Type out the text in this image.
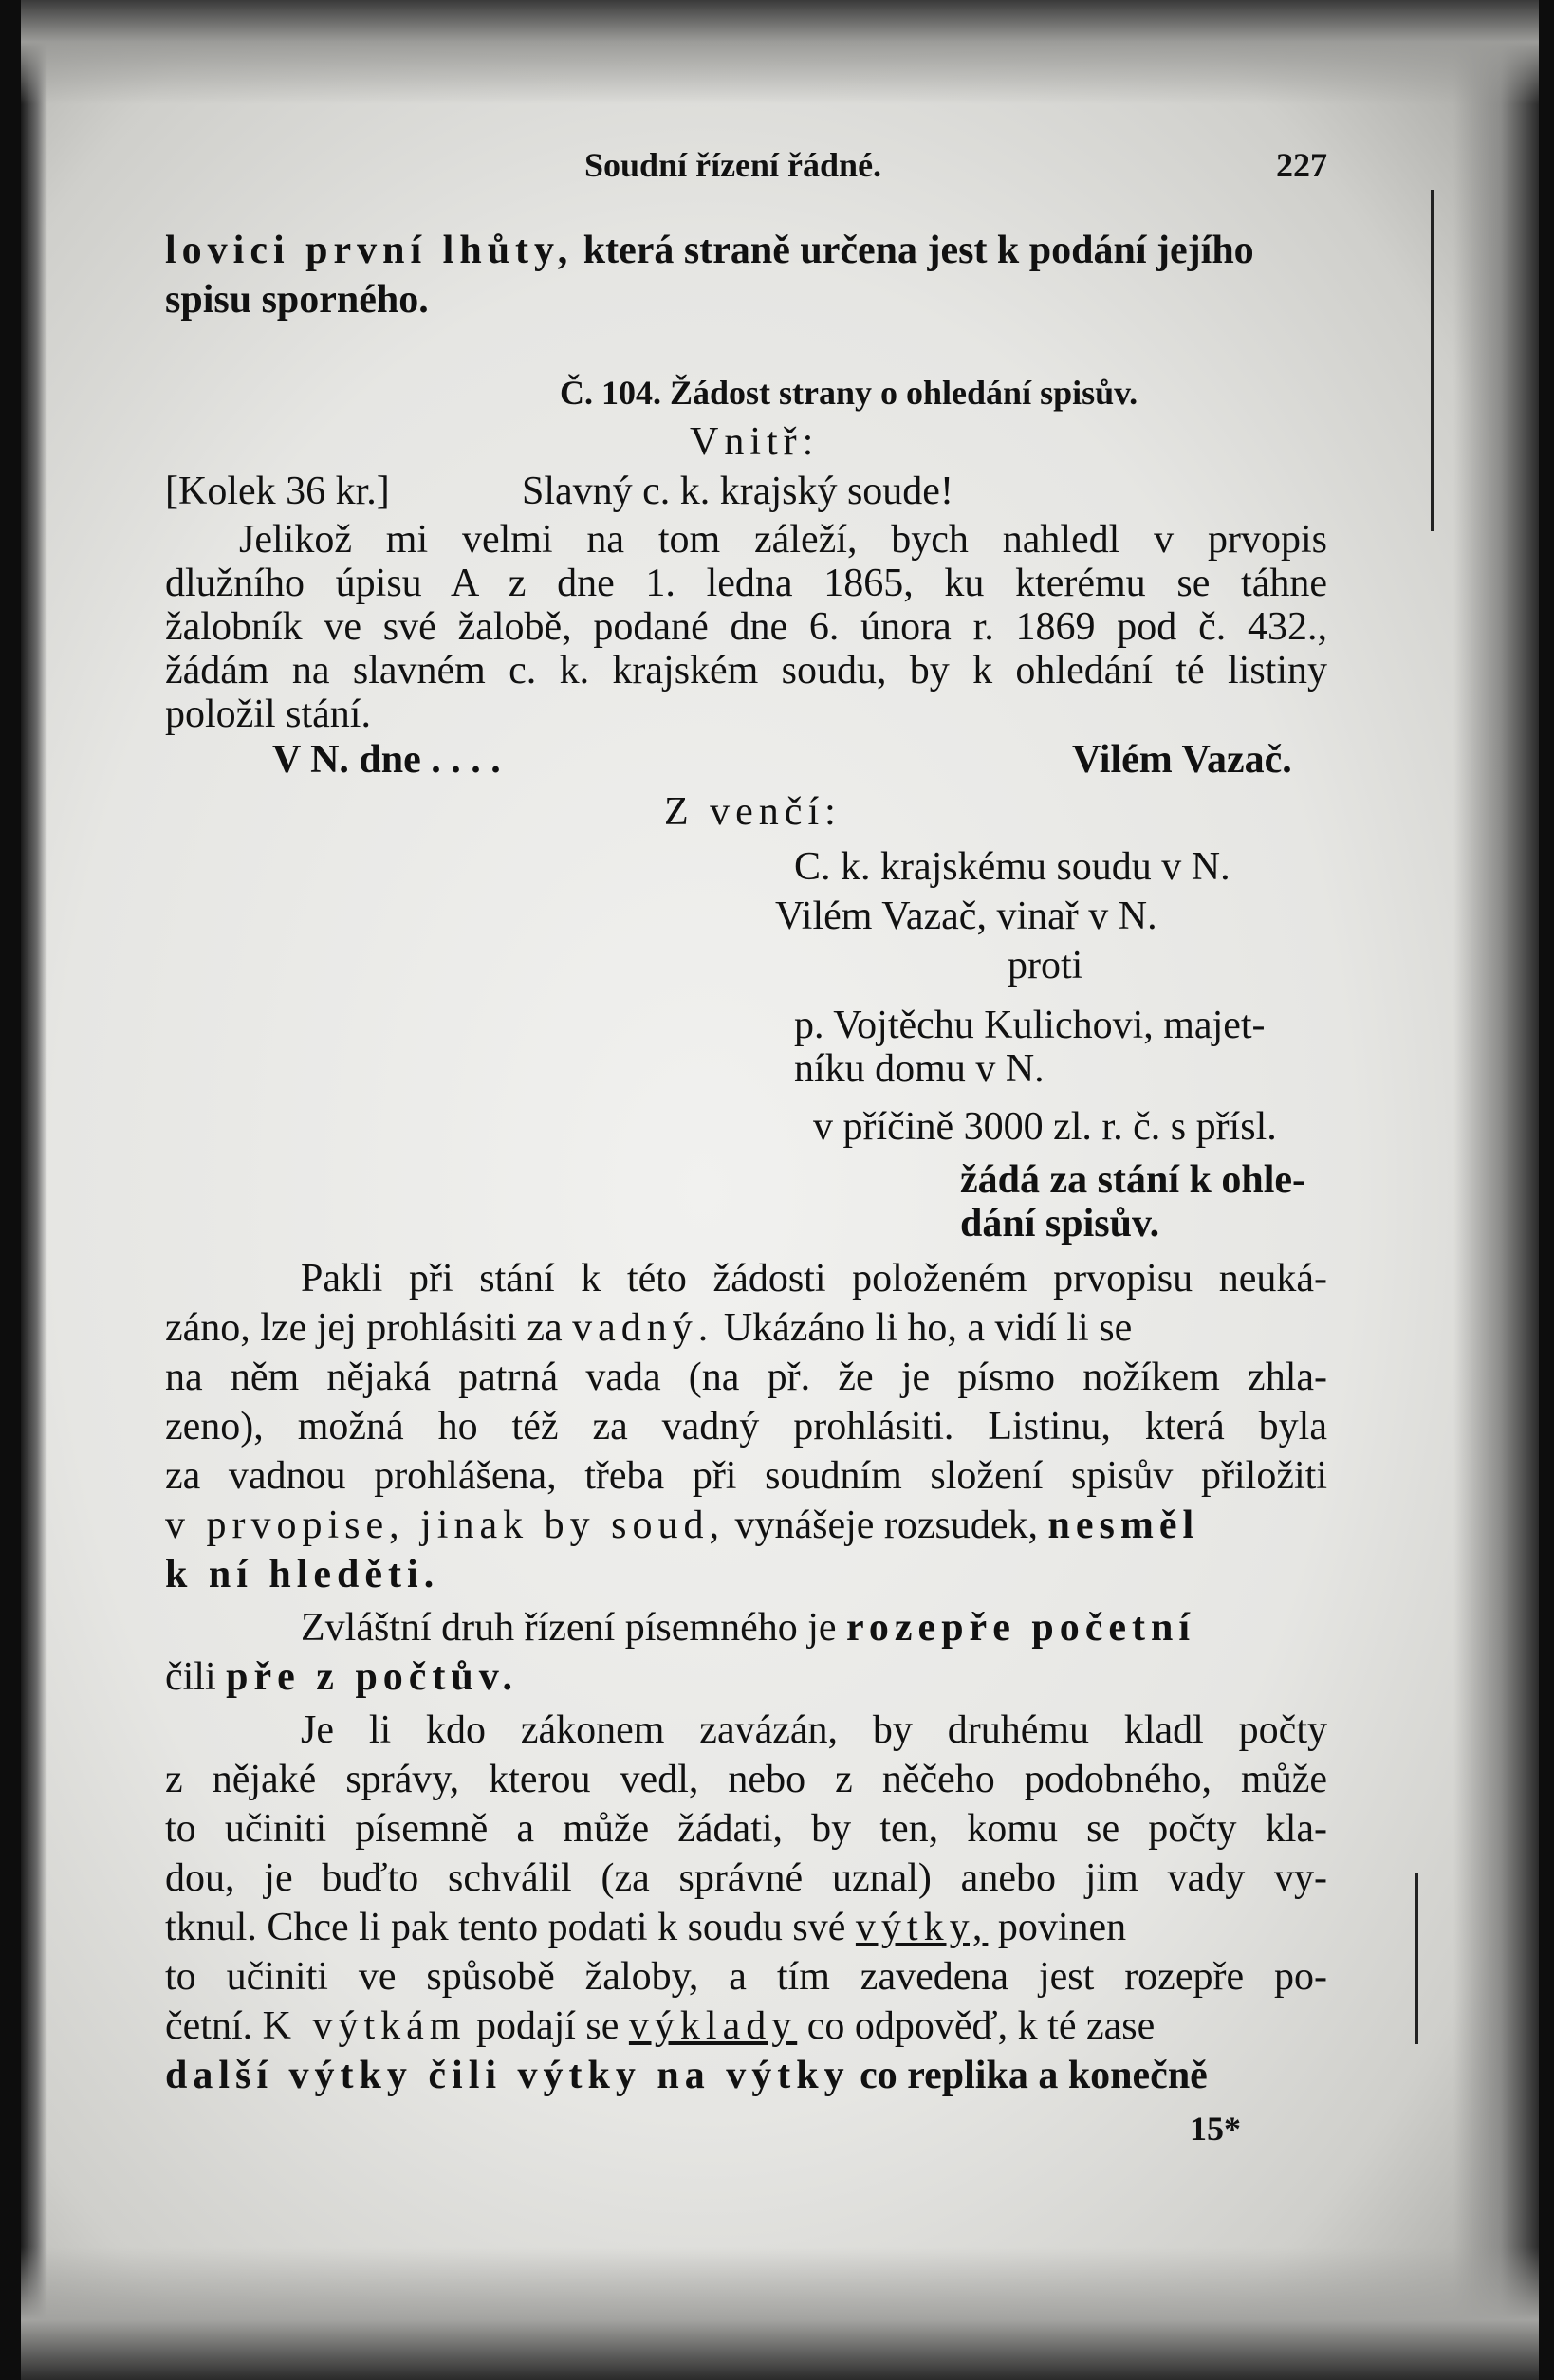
Soudní řízení řádné.	227
lovici první lhůty, která straně určena jest k podání jejího
spisu sporného.
Č. 104. Žádost strany o ohledání spisův.
Vnitř:
[Kolek 36 kr.]	Slavný c. k. krajský soude!
Jelikož mi velmi na tom záleží, bych nahledl v prvopis
dlužního úpisu A z dne 1. ledna 1865, ku kterému se táhne
žalobník ve své žalobě, podané dne 6. února r. 1869 pod č. 432.,
žádám na slavném c. k. krajském soudu, by k ohledání té listiny
položil stání.
V N. dne . . . .	Vilém Vazač.
Z venčí:
C. k. krajskému soudu v N.
Vilém Vazač, vinař v N.
proti
p. Vojtěchu Kulichovi, majet-
níku domu v N.
v příčině 3000 zl. r. č. s přísl.
žádá za stání k ohle-
dání spisův.
Pakli při stání k této žádosti položeném prvopisu neuká-
záno, lze jej prohlásiti za vadný. Ukázáno li ho, a vidí li se
na něm nějaká patrná vada (na př. že je písmo nožíkem zhla-
zeno), možná ho též za vadný prohlásiti. Listinu, která byla
za vadnou prohlášena, třeba při soudním složení spisův přiložiti
v prvopise, jinak by soud, vynášeje rozsudek, nesměl
k ní hleděti.
Zvláštní druh řízení písemného je rozepře početní
čili pře z počtův.
Je li kdo zákonem zavázán, by druhému kladl počty
z nějaké správy, kterou vedl, nebo z něčeho podobného, může
to učiniti písemně a může žádati, by ten, komu se počty kla-
dou, je buďto schválil (za správné uznal) anebo jim vady vy-
tknul. Chce li pak tento podati k soudu své výtky, povinen
to učiniti ve spůsobě žaloby, a tím zavedena jest rozepře po-
četní. K výtkám podají se výklady co odpověď, k té zase
další výtky čili výtky na výtky co replika a konečně
15*
